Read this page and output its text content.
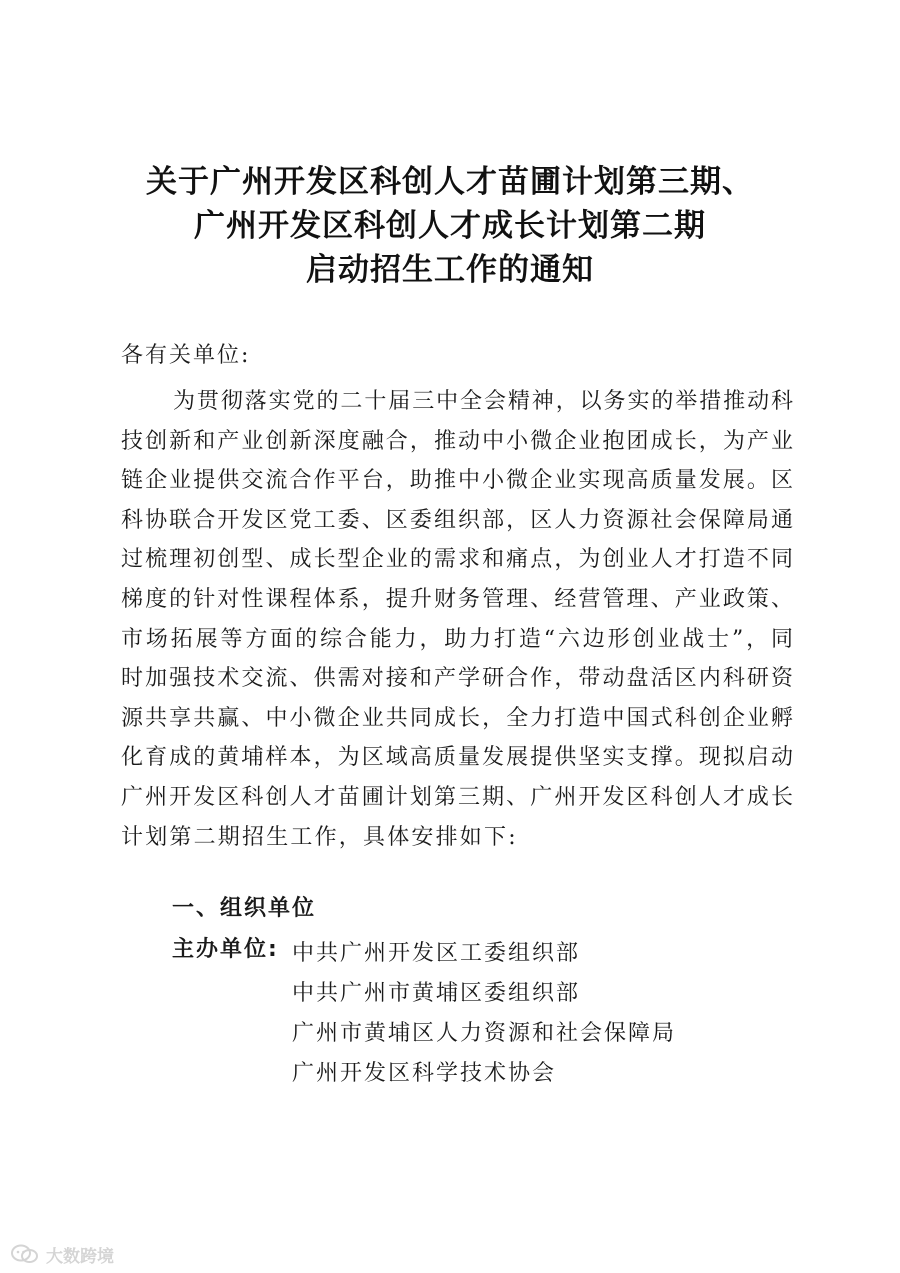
关于广州开发区科创人才苗圃计划第三期、
广州开发区科创人才成长计划第二期
启动招生工作的通知
各有关单位:
为贯彻落实党的二十届三中全会精神，以务实的举措推动科
技创新和产业创新深度融合，推动中小微企业抱团成长，为产业
链企业提供交流合作平台，助推中小微企业实现高质量发展。区
科协联合开发区党工委、区委组织部，区人力资源社会保障局通
过梳理初创型、成长型企业的需求和痛点，为创业人才打造不同
梯度的针对性课程体系，提升财务管理、经营管理、产业政策、
市场拓展等方面的综合能力，助力打造“六边形创业战士”，同
时加强技术交流、供需对接和产学研合作，带动盘活区内科研资
源共享共赢、中小微企业共同成长，全力打造中国式科创企业孵
化育成的黄埔样本，为区域高质量发展提供坚实支撑。现拟启动
广州开发区科创人才苗圃计划第三期、广州开发区科创人才成长
计划第二期招生工作，具体安排如下:
一、组织单位
主办单位: 中共广州开发区工委组织部
中共广州市黄埔区委组织部
广州市黄埔区人力资源和社会保障局
广州开发区科学技术协会
大数跨境
